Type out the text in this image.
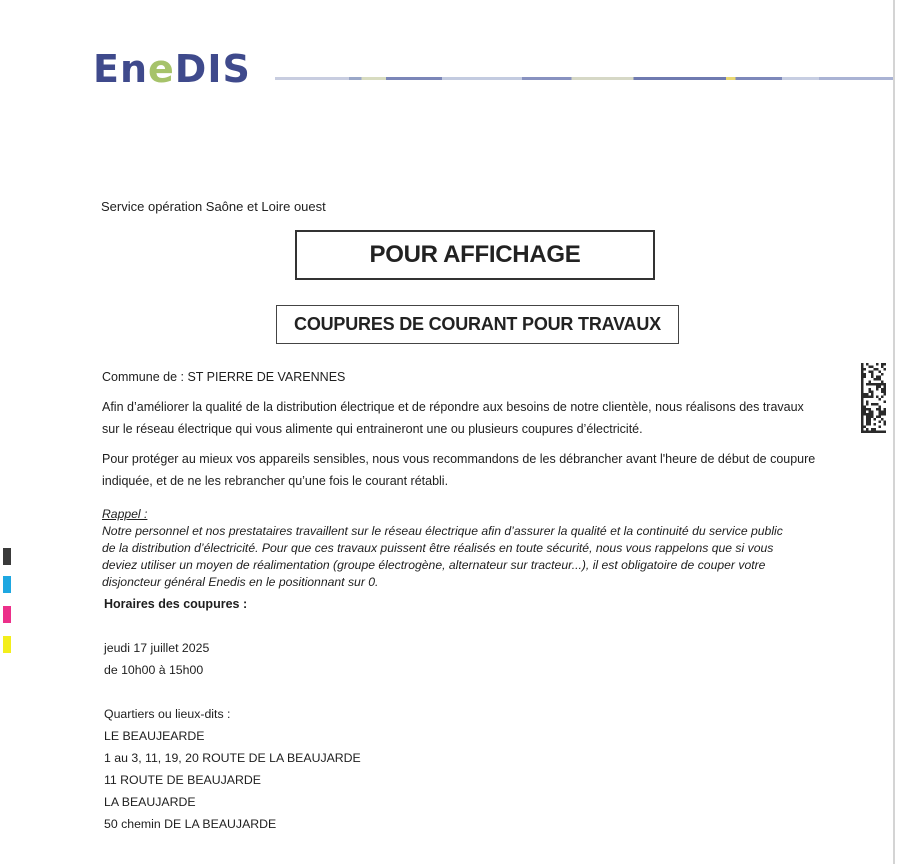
En e DIS
Service opération Saône et Loire ouest
POUR AFFICHAGE
COUPURES DE COURANT POUR TRAVAUX
Commune de : ST PIERRE DE VARENNES
Afin d’améliorer la qualité de la distribution électrique et de répondre aux besoins de notre clientèle, nous réalisons des travaux
sur le réseau électrique qui vous alimente qui entraineront une ou plusieurs coupures d’électricité.
Pour protéger au mieux vos appareils sensibles, nous vous recommandons de les débrancher avant l'heure de début de coupure
indiquée, et de ne les rebrancher qu’une fois le courant rétabli.
Rappel :
Notre personnel et nos prestataires travaillent sur le réseau électrique afin d’assurer la qualité et la continuité du service public
de la distribution d’électricité. Pour que ces travaux puissent être réalisés en toute sécurité, nous vous rappelons que si vous
deviez utiliser un moyen de réalimentation (groupe électrogène, alternateur sur tracteur...), il est obligatoire de couper votre
disjoncteur général Enedis en le positionnant sur 0.
Horaires des coupures :
jeudi 17 juillet 2025
de 10h00 à 15h00
Quartiers ou lieux-dits :
LE BEAUJEARDE
1 au 3, 11, 19, 20 ROUTE DE LA BEAUJARDE
11 ROUTE DE BEAUJARDE
LA BEAUJARDE
50 chemin DE LA BEAUJARDE
